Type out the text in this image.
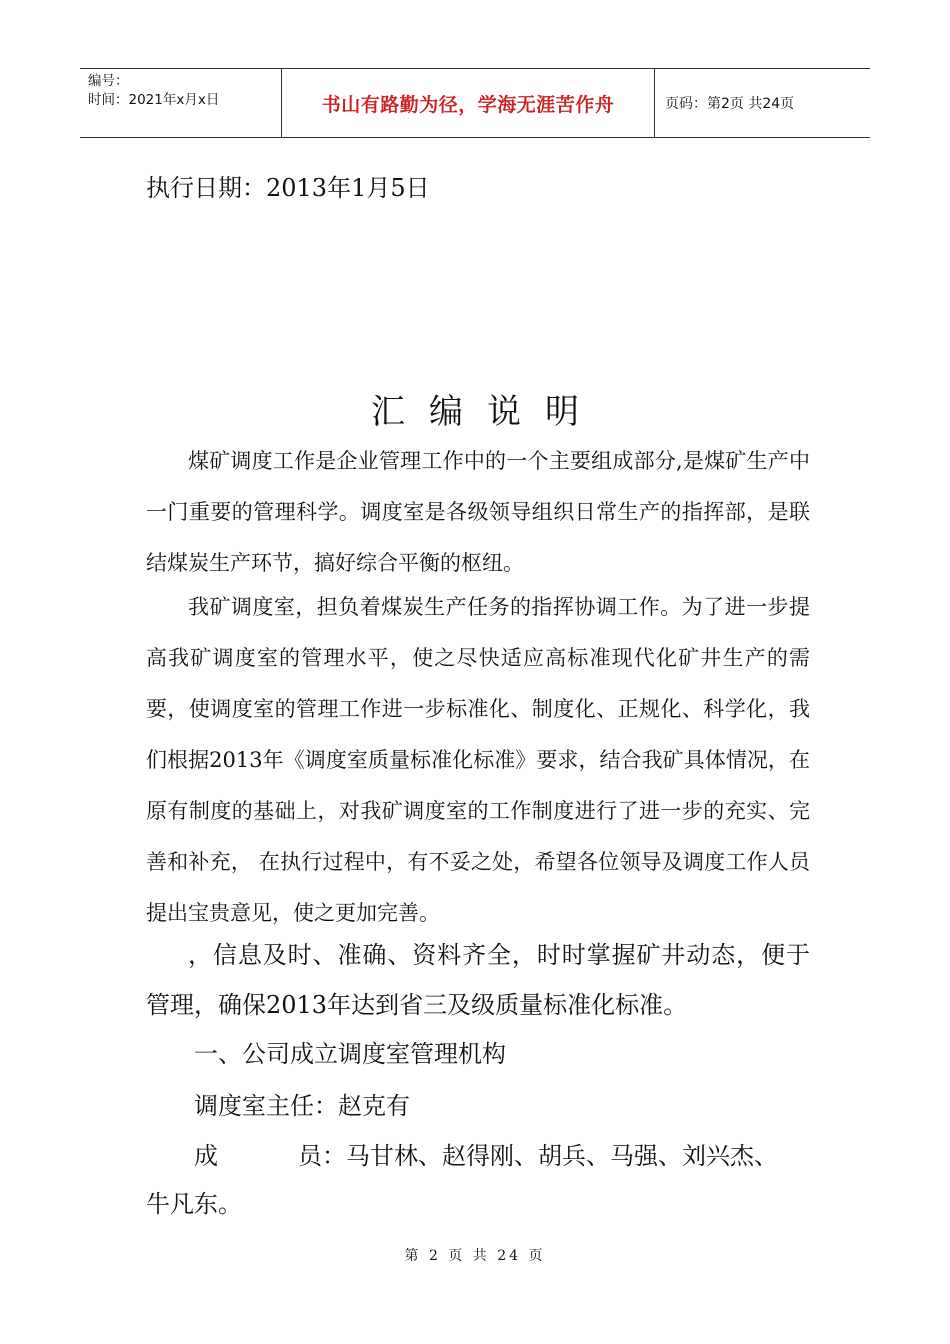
编号：
时间：2021年x月x日	书山有路勤为径，学海无涯苦作舟	页码：第2页 共24页
执行日期：2013年1月5日
汇编说明
煤矿调度工作是企业管理工作中的一个主要组成部分,是煤矿生产中一门重要的管理科学。调度室是各级领导组织日常生产的指挥部，是联结煤炭生产环节，搞好综合平衡的枢纽。
我矿调度室，担负着煤炭生产任务的指挥协调工作。为了进一步提高我矿调度室的管理水平，使之尽快适应高标准现代化矿井生产的需要，使调度室的管理工作进一步标准化、制度化、正规化、科学化，我们根据2013年《调度室质量标准化标准》要求，结合我矿具体情况，在原有制度的基础上，对我矿调度室的工作制度进行了进一步的充实、完善和补充， 在执行过程中，有不妥之处，希望各位领导及调度工作人员提出宝贵意见，使之更加完善。
，信息及时、准确、资料齐全，时时掌握矿井动态，便于管理，确保2013年达到省三及级质量标准化标准。
一、公司成立调度室管理机构
调度室主任：赵克有
成	员：马甘林、赵得刚、胡兵、马强、刘兴杰、
牛凡东。
第 2 页 共 24 页
